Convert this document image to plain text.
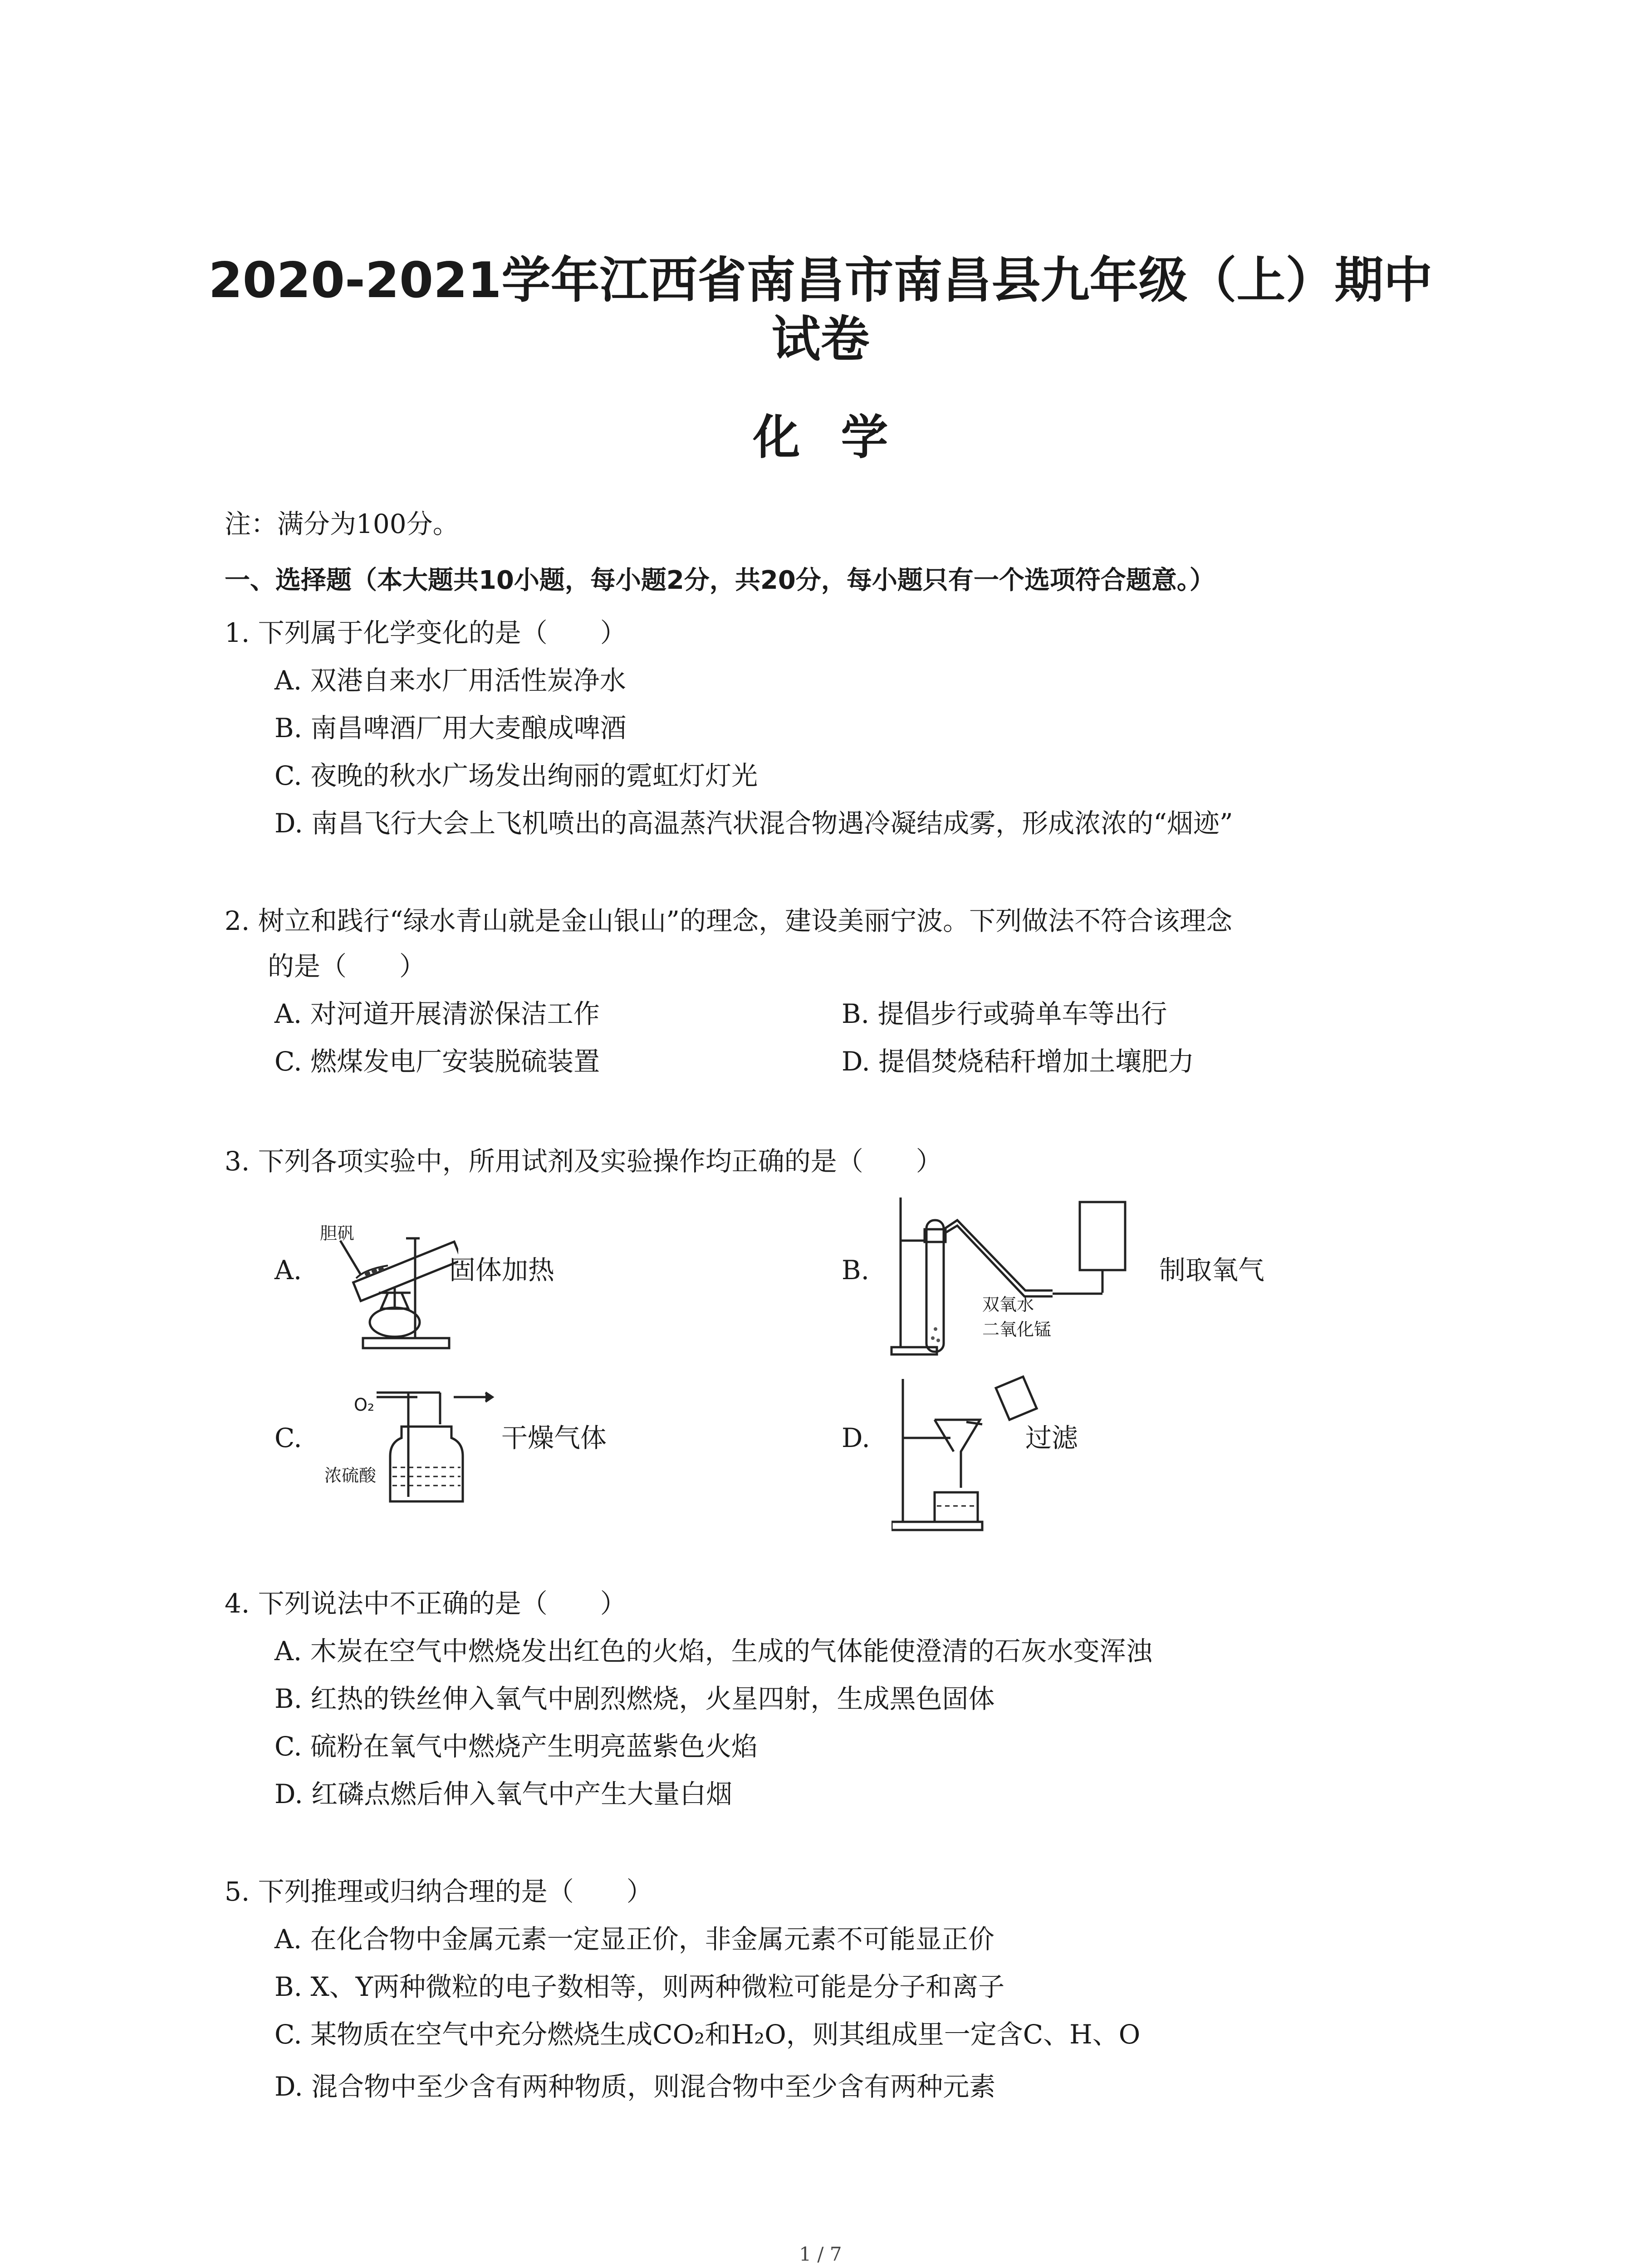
2020-2021学年江西省南昌市南昌县九年级（上）期中
试卷
化学
注：满分为100分。
一、选择题（本大题共10小题，每小题2分，共20分，每小题只有一个选项符合题意。）
1. 下列属于化学变化的是（　　）
A. 双港自来水厂用活性炭净水
B. 南昌啤酒厂用大麦酿成啤酒
C. 夜晚的秋水广场发出绚丽的霓虹灯灯光
D. 南昌飞行大会上飞机喷出的高温蒸汽状混合物遇冷凝结成雾，形成浓浓的“烟迹”
2. 树立和践行“绿水青山就是金山银山”的理念，建设美丽宁波。下列做法不符合该理念
的是（　　）
A. 对河道开展清淤保洁工作	B. 提倡步行或骑单车等出行
C. 燃煤发电厂安装脱硫装置	D. 提倡焚烧秸秆增加土壤肥力
3. 下列各项实验中，所用试剂及实验操作均正确的是（　　）
A.
胆矾
固体加热	B.
双氧水
二氧化锰
制取氧气
C.
O₂
浓硫酸
干燥气体	D.	过滤
4. 下列说法中不正确的是（　　）
A. 木炭在空气中燃烧发出红色的火焰，生成的气体能使澄清的石灰水变浑浊
B. 红热的铁丝伸入氧气中剧烈燃烧，火星四射，生成黑色固体
C. 硫粉在氧气中燃烧产生明亮蓝紫色火焰
D. 红磷点燃后伸入氧气中产生大量白烟
5. 下列推理或归纳合理的是（　　）
A. 在化合物中金属元素一定显正价，非金属元素不可能显正价
B. X、Y两种微粒的电子数相等，则两种微粒可能是分子和离子
C. 某物质在空气中充分燃烧生成CO₂和H₂O，则其组成里一定含C、H、O
D. 混合物中至少含有两种物质，则混合物中至少含有两种元素
1 / 7
